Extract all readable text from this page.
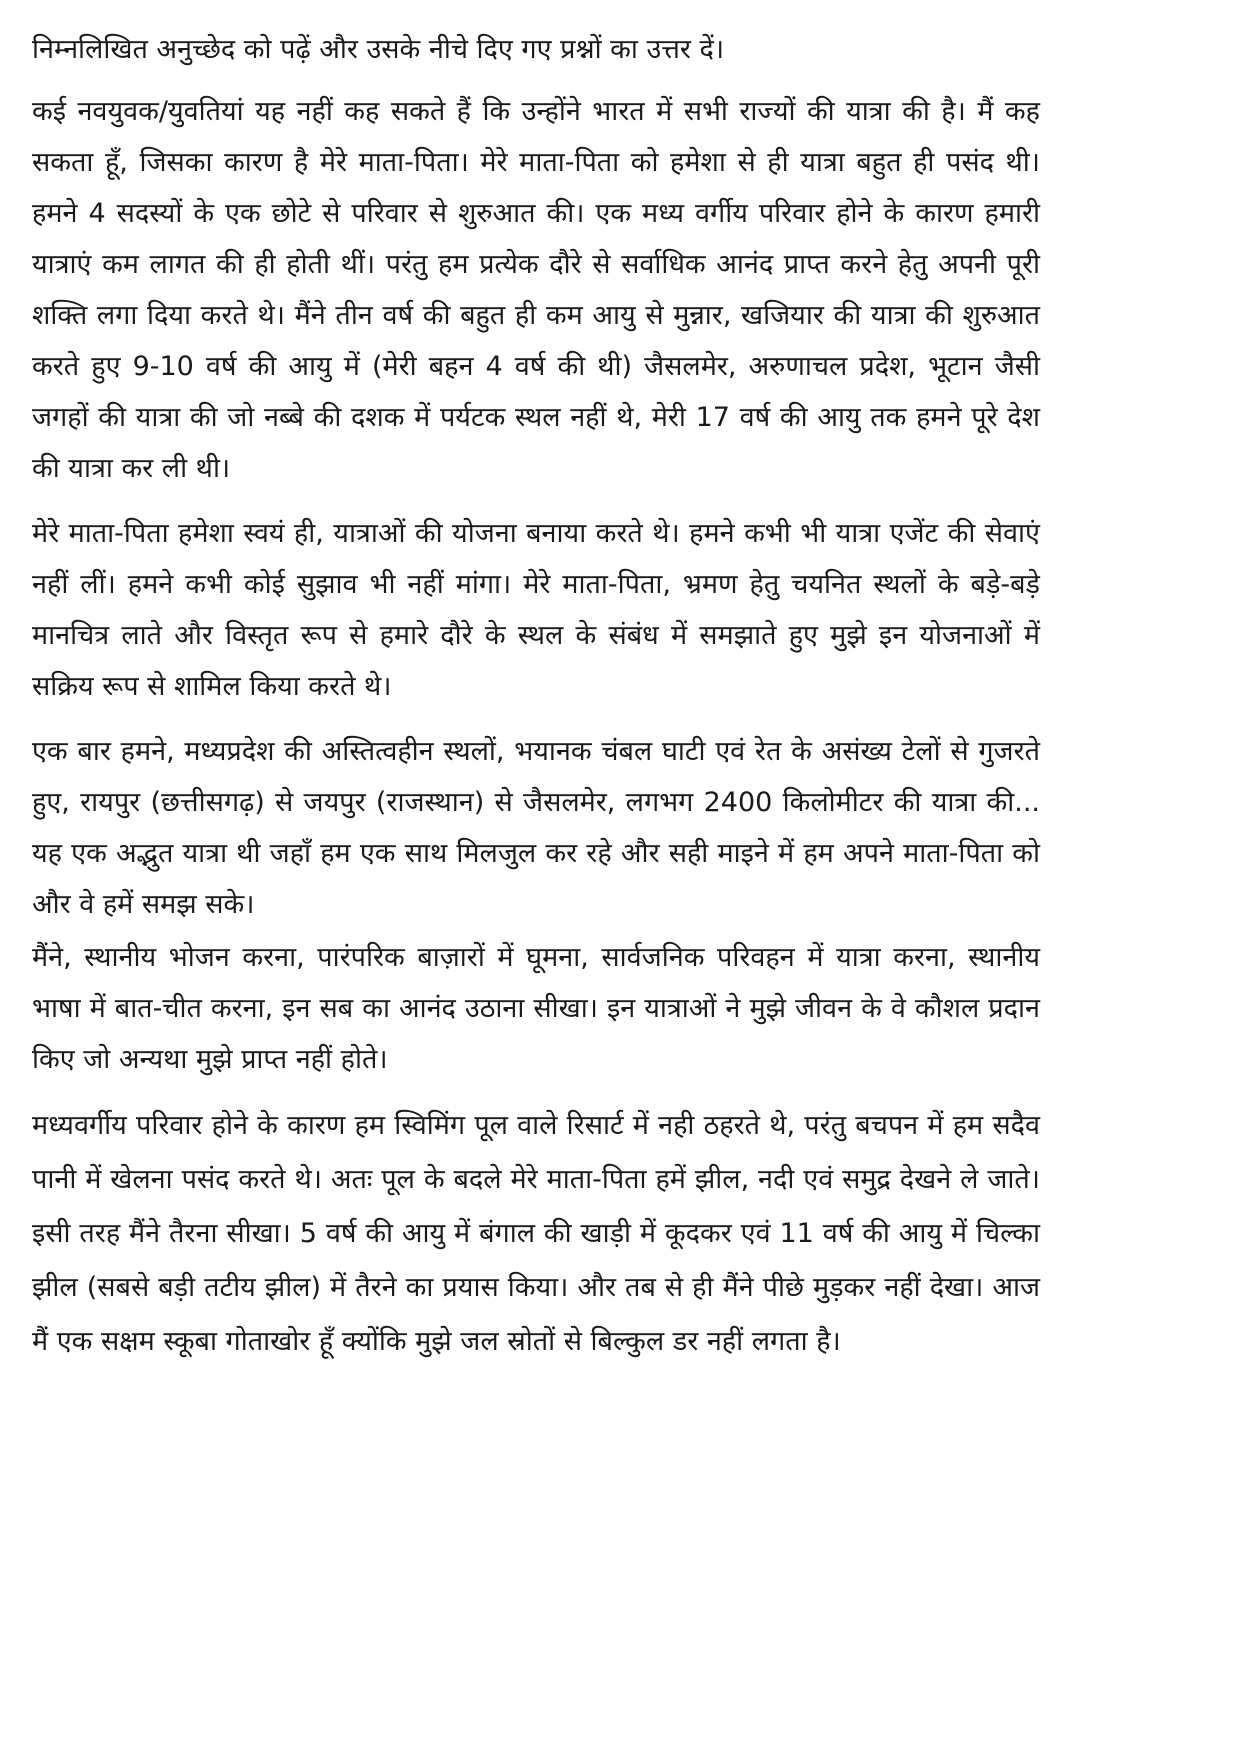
निम्नलिखित अनुच्छेद को पढ़ें और उसके नीचे दिए गए प्रश्नों का उत्तर दें।

कई नवयुवक/युवतियां यह नहीं कह सकते हैं कि उन्होंने भारत में सभी राज्यों की यात्रा की है। मैं कह सकता हूँ, जिसका कारण है मेरे माता-पिता। मेरे माता-पिता को हमेशा से ही यात्रा बहुत ही पसंद थी। हमने 4 सदस्यों के एक छोटे से परिवार से शुरुआत की। एक मध्य वर्गीय परिवार होने के कारण हमारी यात्राएं कम लागत की ही होती थीं। परंतु हम प्रत्येक दौरे से सर्वाधिक आनंद प्राप्त करने हेतु अपनी पूरी शक्ति लगा दिया करते थे। मैंने तीन वर्ष की बहुत ही कम आयु से मुन्नार, खजियार की यात्रा की शुरुआत करते हुए 9-10 वर्ष की आयु में (मेरी बहन 4 वर्ष की थी) जैसलमेर, अरुणाचल प्रदेश, भूटान जैसी जगहों की यात्रा की जो नब्बे की दशक में पर्यटक स्थल नहीं थे, मेरी 17 वर्ष की आयु तक हमने पूरे देश की यात्रा कर ली थी।

मेरे माता-पिता हमेशा स्वयं ही, यात्राओं की योजना बनाया करते थे। हमने कभी भी यात्रा एजेंट की सेवाएं नहीं लीं। हमने कभी कोई सुझाव भी नहीं मांगा। मेरे माता-पिता, भ्रमण हेतु चयनित स्थलों के बड़े-बड़े मानचित्र लाते और विस्तृत रूप से हमारे दौरे के स्थल के संबंध में समझाते हुए मुझे इन योजनाओं में सक्रिय रूप से शामिल किया करते थे।

एक बार हमने, मध्यप्रदेश की अस्तित्वहीन स्थलों, भयानक चंबल घाटी एवं रेत के असंख्य टेलों से गुजरते हुए, रायपुर (छत्तीसगढ़) से जयपुर (राजस्थान) से जैसलमेर, लगभग 2400 किलोमीटर की यात्रा की... यह एक अद्भुत यात्रा थी जहाँ हम एक साथ मिलजुल कर रहे और सही माइने में हम अपने माता-पिता को और वे हमें समझ सके।

मैंने, स्थानीय भोजन करना, पारंपरिक बाज़ारों में घूमना, सार्वजनिक परिवहन में यात्रा करना, स्थानीय भाषा में बात-चीत करना, इन सब का आनंद उठाना सीखा। इन यात्राओं ने मुझे जीवन के वे कौशल प्रदान किए जो अन्यथा मुझे प्राप्त नहीं होते।

मध्यवर्गीय परिवार होने के कारण हम स्विमिंग पूल वाले रिसार्ट में नही ठहरते थे, परंतु बचपन में हम सदैव पानी में खेलना पसंद करते थे। अतः पूल के बदले मेरे माता-पिता हमें झील, नदी एवं समुद्र देखने ले जाते। इसी तरह मैंने तैरना सीखा। 5 वर्ष की आयु में बंगाल की खाड़ी में कूदकर एवं 11 वर्ष की आयु में चिल्का झील (सबसे बड़ी तटीय झील) में तैरने का प्रयास किया। और तब से ही मैंने पीछे मुड़कर नहीं देखा। आज मैं एक सक्षम स्कूबा गोताखोर हूँ क्योंकि मुझे जल स्रोतों से बिल्कुल डर नहीं लगता है।
